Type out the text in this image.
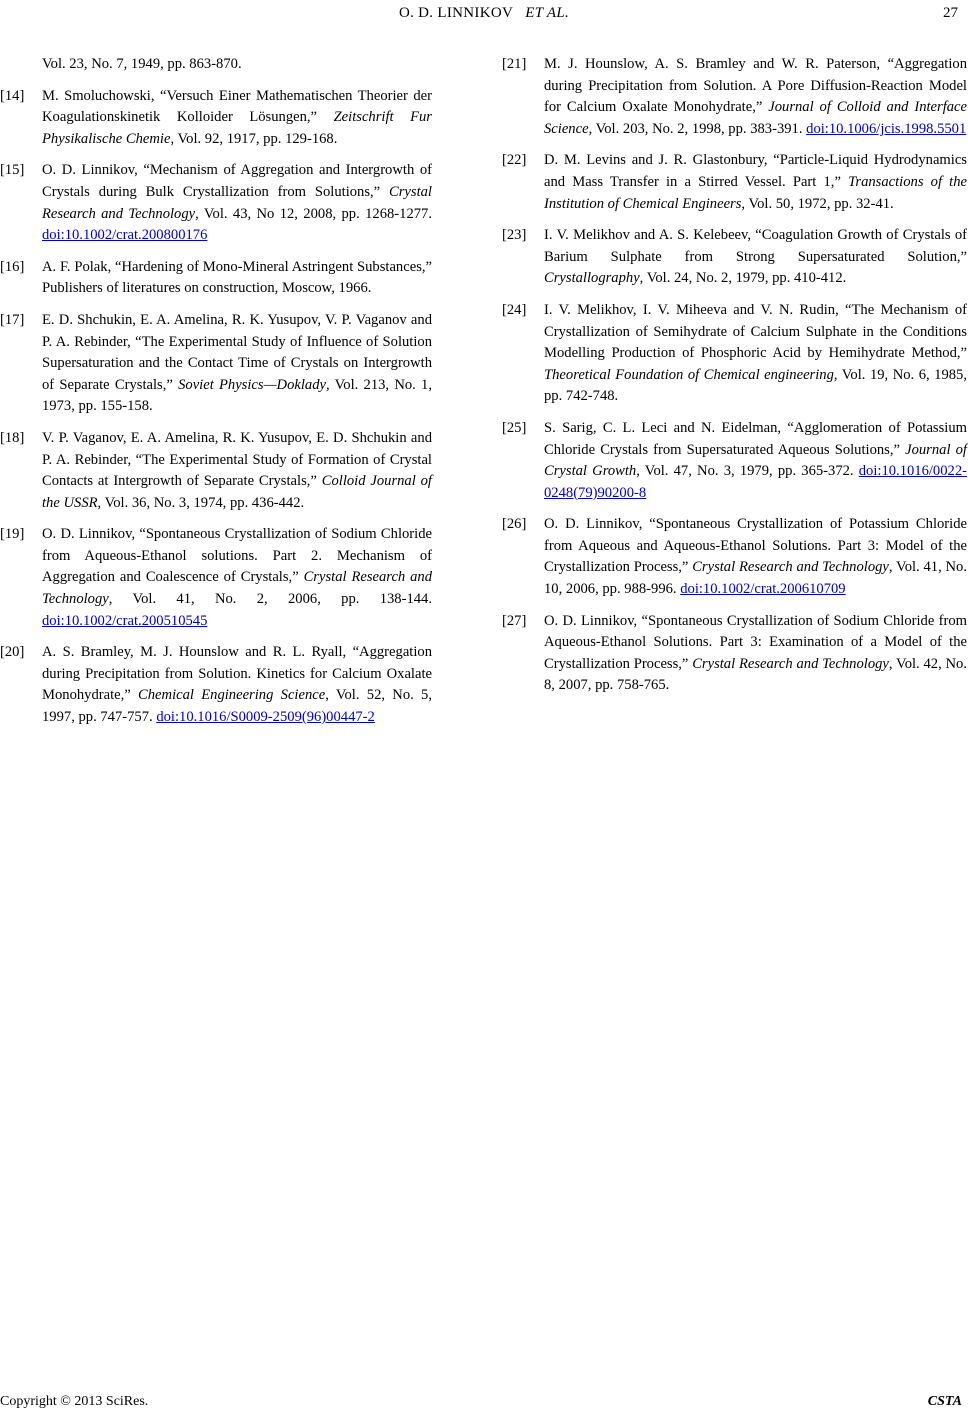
O. D. LINNIKOV ET AL.	27
Vol. 23, No. 7, 1949, pp. 863-870.
[14] M. Smoluchowski, “Versuch Einer Mathematischen Theorier der Koagulationskinetik Kolloider Lösungen,” Zeitschrift Fur Physikalische Chemie, Vol. 92, 1917, pp. 129-168.
[15] O. D. Linnikov, “Mechanism of Aggregation and Intergrowth of Crystals during Bulk Crystallization from Solutions,” Crystal Research and Technology, Vol. 43, No 12, 2008, pp. 1268-1277. doi:10.1002/crat.200800176
[16] A. F. Polak, “Hardening of Mono-Mineral Astringent Substances,” Publishers of literatures on construction, Moscow, 1966.
[17] E. D. Shchukin, E. A. Amelina, R. K. Yusupov, V. P. Vaganov and P. A. Rebinder, “The Experimental Study of Influence of Solution Supersaturation and the Contact Time of Crystals on Intergrowth of Separate Crystals,” Soviet Physics—Doklady, Vol. 213, No. 1, 1973, pp. 155-158.
[18] V. P. Vaganov, E. A. Amelina, R. K. Yusupov, E. D. Shchukin and P. A. Rebinder, “The Experimental Study of Formation of Crystal Contacts at Intergrowth of Separate Crystals,” Colloid Journal of the USSR, Vol. 36, No. 3, 1974, pp. 436-442.
[19] O. D. Linnikov, “Spontaneous Crystallization of Sodium Chloride from Aqueous-Ethanol solutions. Part 2. Mechanism of Aggregation and Coalescence of Crystals,” Crystal Research and Technology, Vol. 41, No. 2, 2006, pp. 138-144. doi:10.1002/crat.200510545
[20] A. S. Bramley, M. J. Hounslow and R. L. Ryall, “Aggregation during Precipitation from Solution. Kinetics for Calcium Oxalate Monohydrate,” Chemical Engineering Science, Vol. 52, No. 5, 1997, pp. 747-757. doi:10.1016/S0009-2509(96)00447-2
[21] M. J. Hounslow, A. S. Bramley and W. R. Paterson, “Aggregation during Precipitation from Solution. A Pore Diffusion-Reaction Model for Calcium Oxalate Monohydrate,” Journal of Colloid and Interface Science, Vol. 203, No. 2, 1998, pp. 383-391. doi:10.1006/jcis.1998.5501
[22] D. M. Levins and J. R. Glastonbury, “Particle-Liquid Hydrodynamics and Mass Transfer in a Stirred Vessel. Part 1,” Transactions of the Institution of Chemical Engineers, Vol. 50, 1972, pp. 32-41.
[23] I. V. Melikhov and A. S. Kelebeev, “Coagulation Growth of Crystals of Barium Sulphate from Strong Supersaturated Solution,” Crystallography, Vol. 24, No. 2, 1979, pp. 410-412.
[24] I. V. Melikhov, I. V. Miheeva and V. N. Rudin, “The Mechanism of Crystallization of Semihydrate of Calcium Sulphate in the Conditions Modelling Production of Phosphoric Acid by Hemihydrate Method,” Theoretical Foundation of Chemical engineering, Vol. 19, No. 6, 1985, pp. 742-748.
[25] S. Sarig, C. L. Leci and N. Eidelman, “Agglomeration of Potassium Chloride Crystals from Supersaturated Aqueous Solutions,” Journal of Crystal Growth, Vol. 47, No. 3, 1979, pp. 365-372. doi:10.1016/0022-0248(79)90200-8
[26] O. D. Linnikov, “Spontaneous Crystallization of Potassium Chloride from Aqueous and Aqueous-Ethanol Solutions. Part 3: Model of the Crystallization Process,” Crystal Research and Technology, Vol. 41, No. 10, 2006, pp. 988-996. doi:10.1002/crat.200610709
[27] O. D. Linnikov, “Spontaneous Crystallization of Sodium Chloride from Aqueous-Ethanol Solutions. Part 3: Examination of a Model of the Crystallization Process,” Crystal Research and Technology, Vol. 42, No. 8, 2007, pp. 758-765.
Copyright © 2013 SciRes.	CSTA
